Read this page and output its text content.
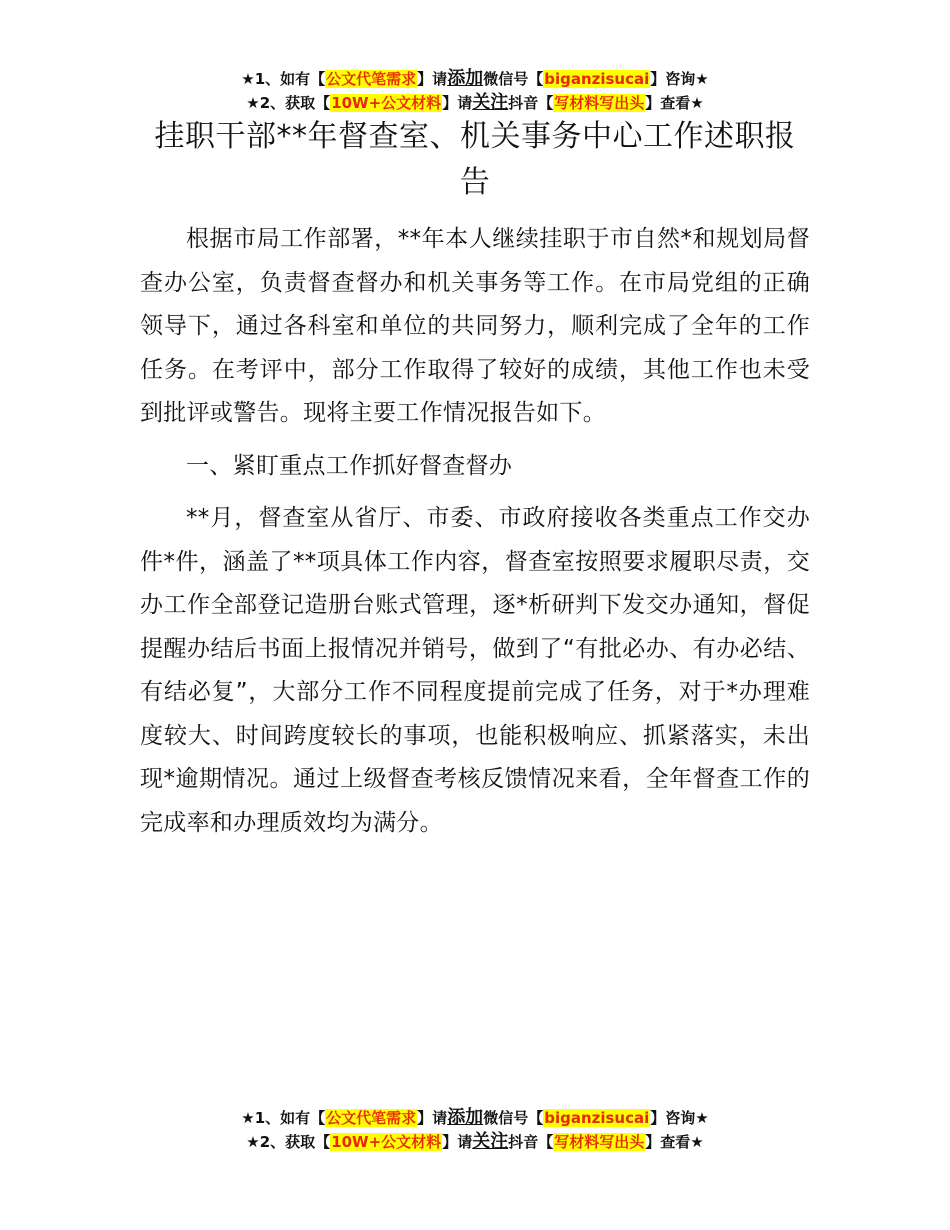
★1、如有【公文代笔需求】请添加微信号【biganzisucai】咨询★
★2、获取【10W+公文材料】请关注抖音【写材料写出头】查看★
挂职干部**年督查室、机关事务中心工作述职报告

根据市局工作部署，**年本人继续挂职于市自然*和规划局督查办公室，负责督查督办和机关事务等工作。在市局党组的正确领导下，通过各科室和单位的共同努力，顺利完成了全年的工作任务。在考评中，部分工作取得了较好的成绩，其他工作也未受到批评或警告。现将主要工作情况报告如下。

一、紧盯重点工作抓好督查督办

**月，督查室从省厅、市委、市政府接收各类重点工作交办件*件，涵盖了**项具体工作内容，督查室按照要求履职尽责，交办工作全部登记造册台账式管理，逐*析研判下发交办通知，督促提醒办结后书面上报情况并销号，做到了“有批必办、有办必结、有结必复”，大部分工作不同程度提前完成了任务，对于*办理难度较大、时间跨度较长的事项，也能积极响应、抓紧落实，未出现*逾期情况。通过上级督查考核反馈情况来看，全年督查工作的完成率和办理质效均为满分。

★1、如有【公文代笔需求】请添加微信号【biganzisucai】咨询★
★2、获取【10W+公文材料】请关注抖音【写材料写出头】查看★
